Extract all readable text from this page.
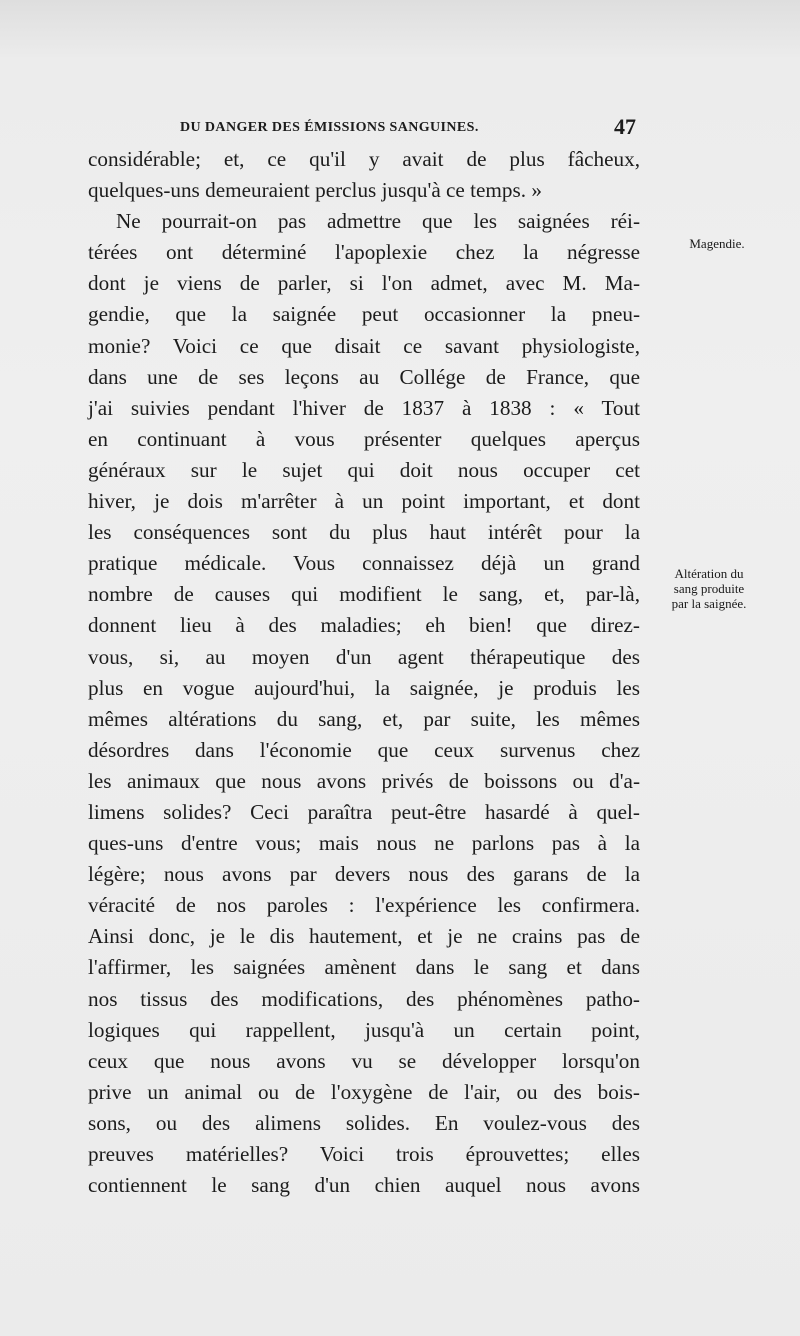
DU DANGER DES ÉMISSIONS SANGUINES.	47
considérable; et, ce qu'il y avait de plus fâcheux,
quelques-uns demeuraient perclus jusqu'à ce temps. »
Ne pourrait-on pas admettre que les saignées réi-
térées ont déterminé l'apoplexie chez la négresse
dont je viens de parler, si l'on admet, avec M. Ma-
gendie, que la saignée peut occasionner la pneu-
monie? Voici ce que disait ce savant physiologiste,
dans une de ses leçons au Collége de France, que
j'ai suivies pendant l'hiver de 1837 à 1838 : « Tout
en continuant à vous présenter quelques aperçus
généraux sur le sujet qui doit nous occuper cet
hiver, je dois m'arrêter à un point important, et dont
les conséquences sont du plus haut intérêt pour la
pratique médicale. Vous connaissez déjà un grand
nombre de causes qui modifient le sang, et, par-là,
donnent lieu à des maladies; eh bien! que direz-
vous, si, au moyen d'un agent thérapeutique des
plus en vogue aujourd'hui, la saignée, je produis les
mêmes altérations du sang, et, par suite, les mêmes
désordres dans l'économie que ceux survenus chez
les animaux que nous avons privés de boissons ou d'a-
limens solides? Ceci paraîtra peut-être hasardé à quel-
ques-uns d'entre vous; mais nous ne parlons pas à la
légère; nous avons par devers nous des garans de la
véracité de nos paroles : l'expérience les confirmera.
Ainsi donc, je le dis hautement, et je ne crains pas de
l'affirmer, les saignées amènent dans le sang et dans
nos tissus des modifications, des phénomènes patho-
logiques qui rappellent, jusqu'à un certain point,
ceux que nous avons vu se développer lorsqu'on
prive un animal ou de l'oxygène de l'air, ou des bois-
sons, ou des alimens solides. En voulez-vous des
preuves matérielles? Voici trois éprouvettes; elles
contiennent le sang d'un chien auquel nous avons
Magendie.
Altération du
sang produite
par la saignée.
